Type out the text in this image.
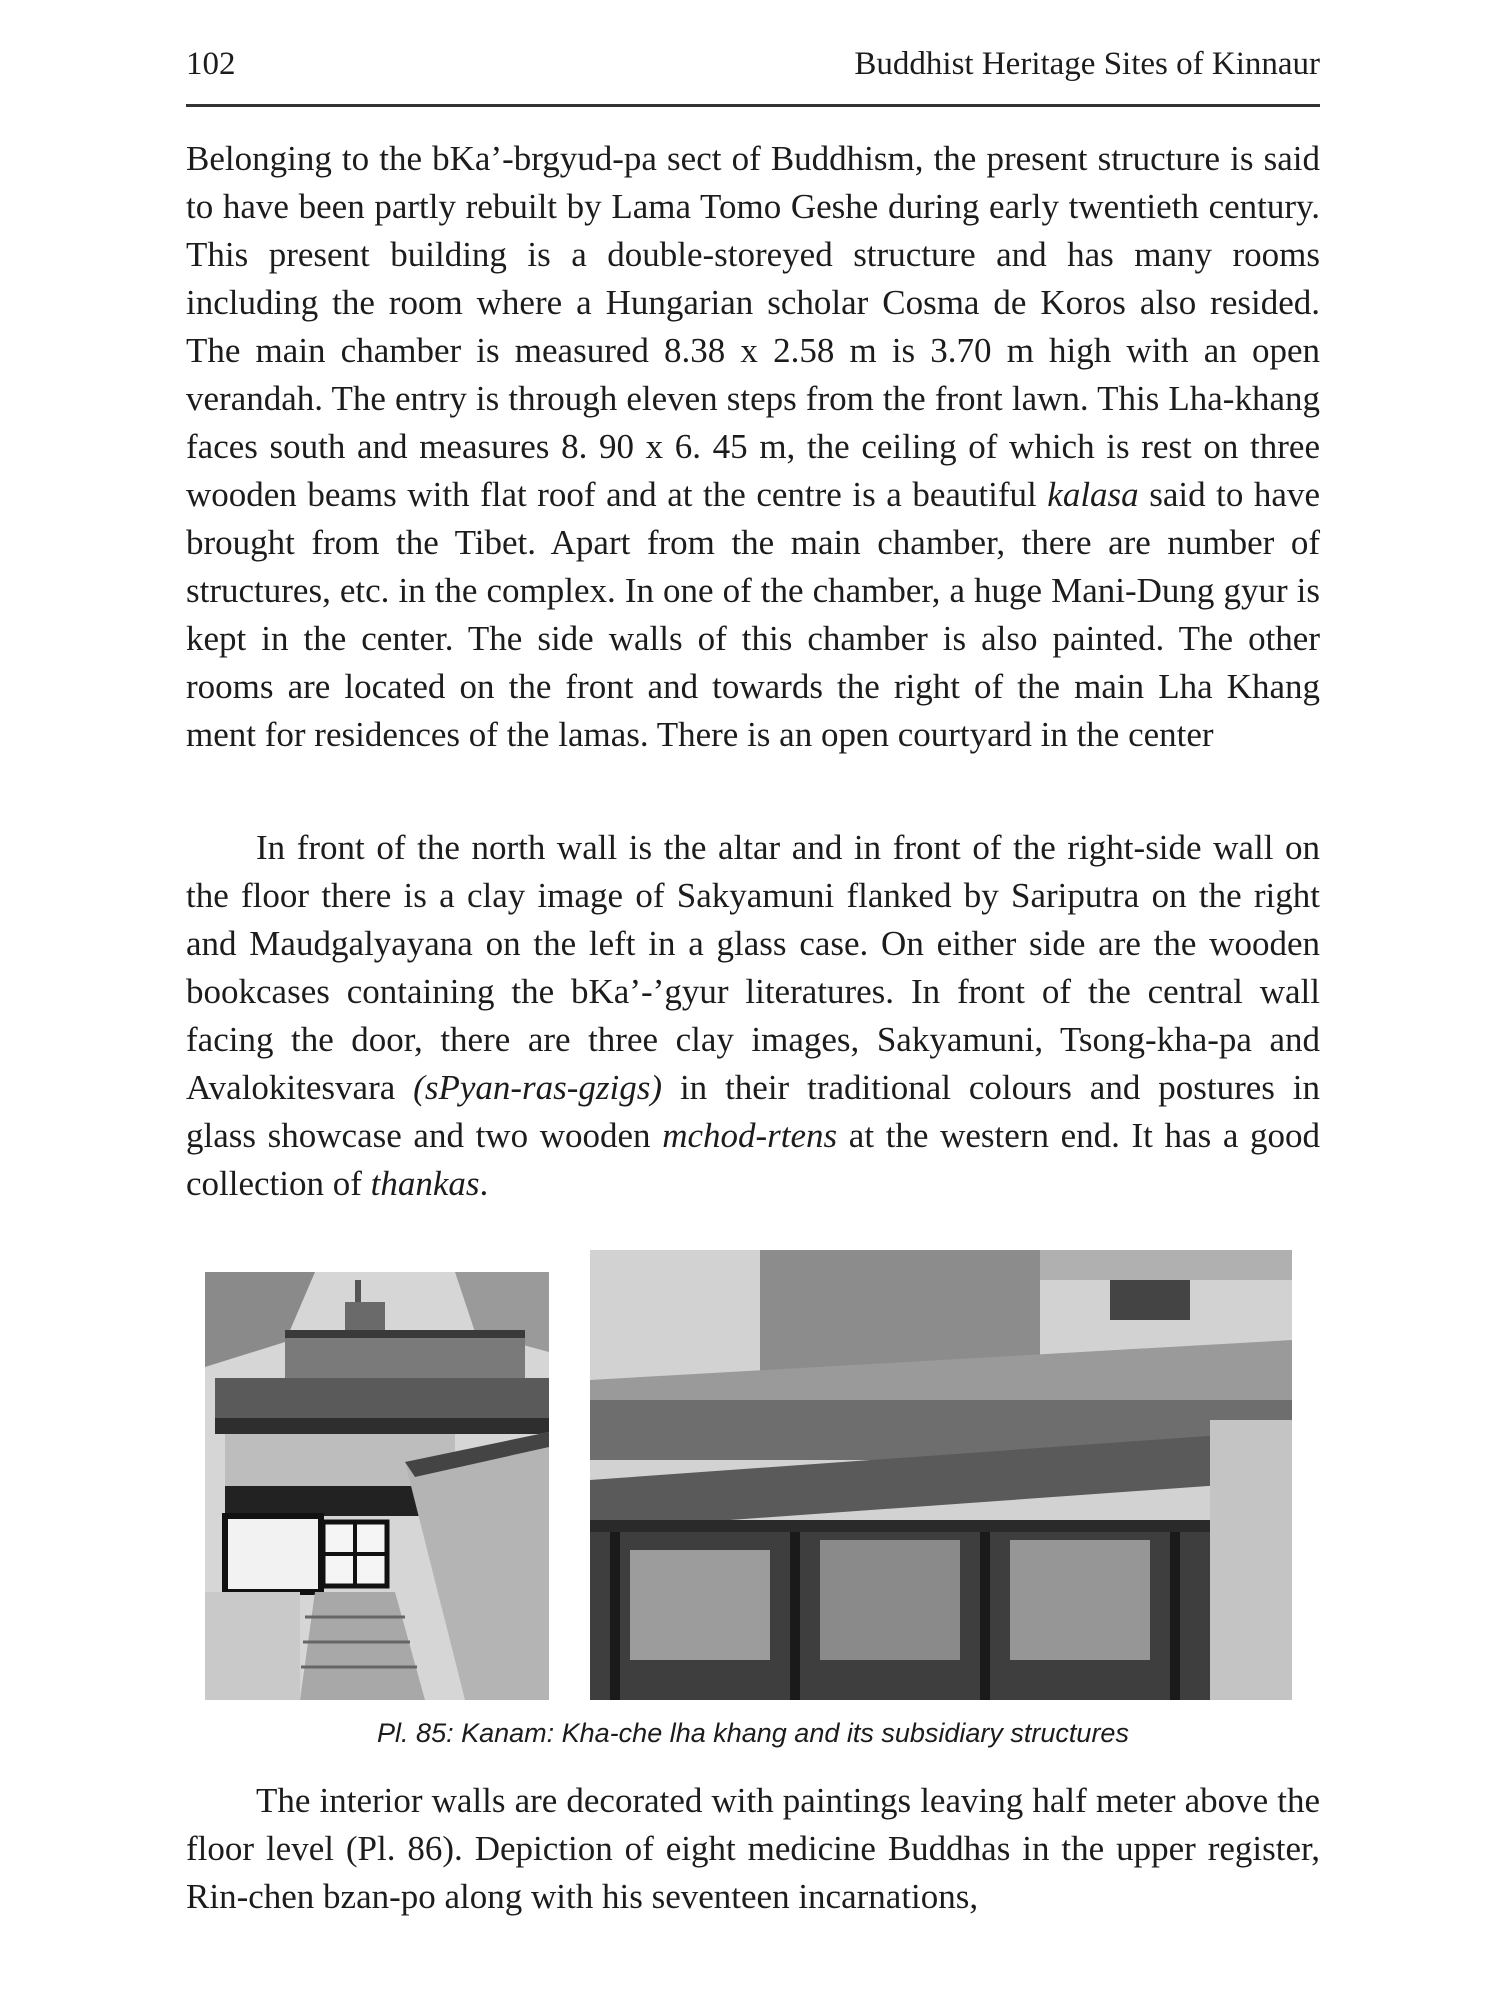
102	Buddhist Heritage Sites of Kinnaur

Belonging to the bKa’-brgyud-pa sect of Buddhism, the present structure is said to have been partly rebuilt by Lama Tomo Geshe during early twentieth century. This present building is a double-storeyed structure and has many rooms including the room where a Hungarian scholar Cosma de Koros also resided. The main chamber is measured 8.38 x 2.58 m is 3.70 m high with an open verandah. The entry is through eleven steps from the front lawn. This Lha-khang faces south and measures 8. 90 x 6. 45 m, the ceiling of which is rest on three wooden beams with flat roof and at the centre is a beautiful kalasa said to have brought from the Tibet. Apart from the main chamber, there are number of structures, etc. in the complex. In one of the chamber, a huge Mani-Dung gyur is kept in the center. The side walls of this chamber is also painted. The other rooms are located on the front and towards the right of the main Lha Khang ment for residences of the lamas. There is an open courtyard in the center

In front of the north wall is the altar and in front of the right-side wall on the floor there is a clay image of Sakyamuni flanked by Sariputra on the right and Maudgalyayana on the left in a glass case. On either side are the wooden bookcases containing the bKa’-’gyur literatures. In front of the central wall facing the door, there are three clay images, Sakyamuni, Tsong-kha-pa and Avalokitesvara (sPyan-ras-gzigs) in their traditional colours and postures in glass showcase and two wooden mchod-rtens at the western end. It has a good collection of thankas.

Pl. 85: Kanam: Kha-che lha khang and its subsidiary structures

The interior walls are decorated with paintings leaving half meter above the floor level (Pl. 86). Depiction of eight medicine Buddhas in the upper register, Rin-chen bzan-po along with his seventeen incarnations,
